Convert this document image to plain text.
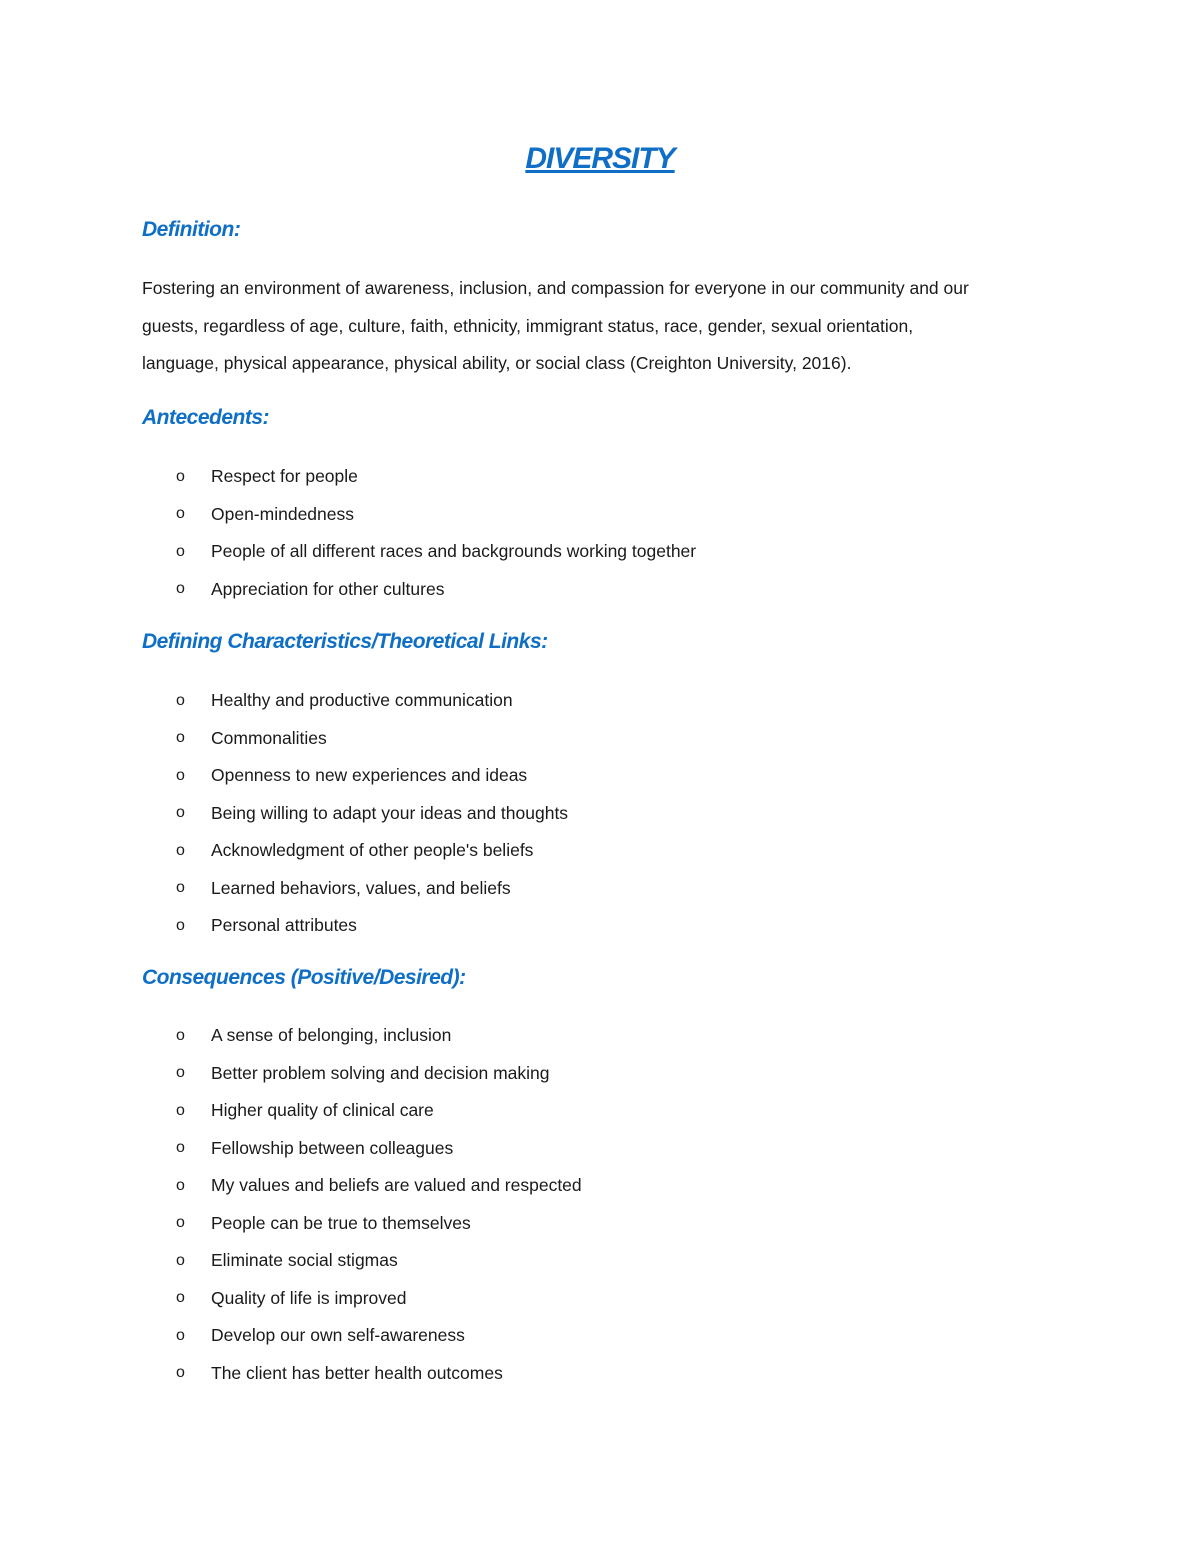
DIVERSITY
Definition:
Fostering an environment of awareness, inclusion, and compassion for everyone in our community and our
guests, regardless of age, culture, faith, ethnicity, immigrant status, race, gender, sexual orientation,
language, physical appearance, physical ability, or social class (Creighton University, 2016).
Antecedents:
o	Respect for people
o	Open-mindedness
o	People of all different races and backgrounds working together
o	Appreciation for other cultures
Defining Characteristics/Theoretical Links:
o	Healthy and productive communication
o	Commonalities
o	Openness to new experiences and ideas
o	Being willing to adapt your ideas and thoughts
o	Acknowledgment of other people's beliefs
o	Learned behaviors, values, and beliefs
o	Personal attributes
Consequences (Positive/Desired):
o	A sense of belonging, inclusion
o	Better problem solving and decision making
o	Higher quality of clinical care
o	Fellowship between colleagues
o	My values and beliefs are valued and respected
o	People can be true to themselves
o	Eliminate social stigmas
o	Quality of life is improved
o	Develop our own self-awareness
o	The client has better health outcomes
